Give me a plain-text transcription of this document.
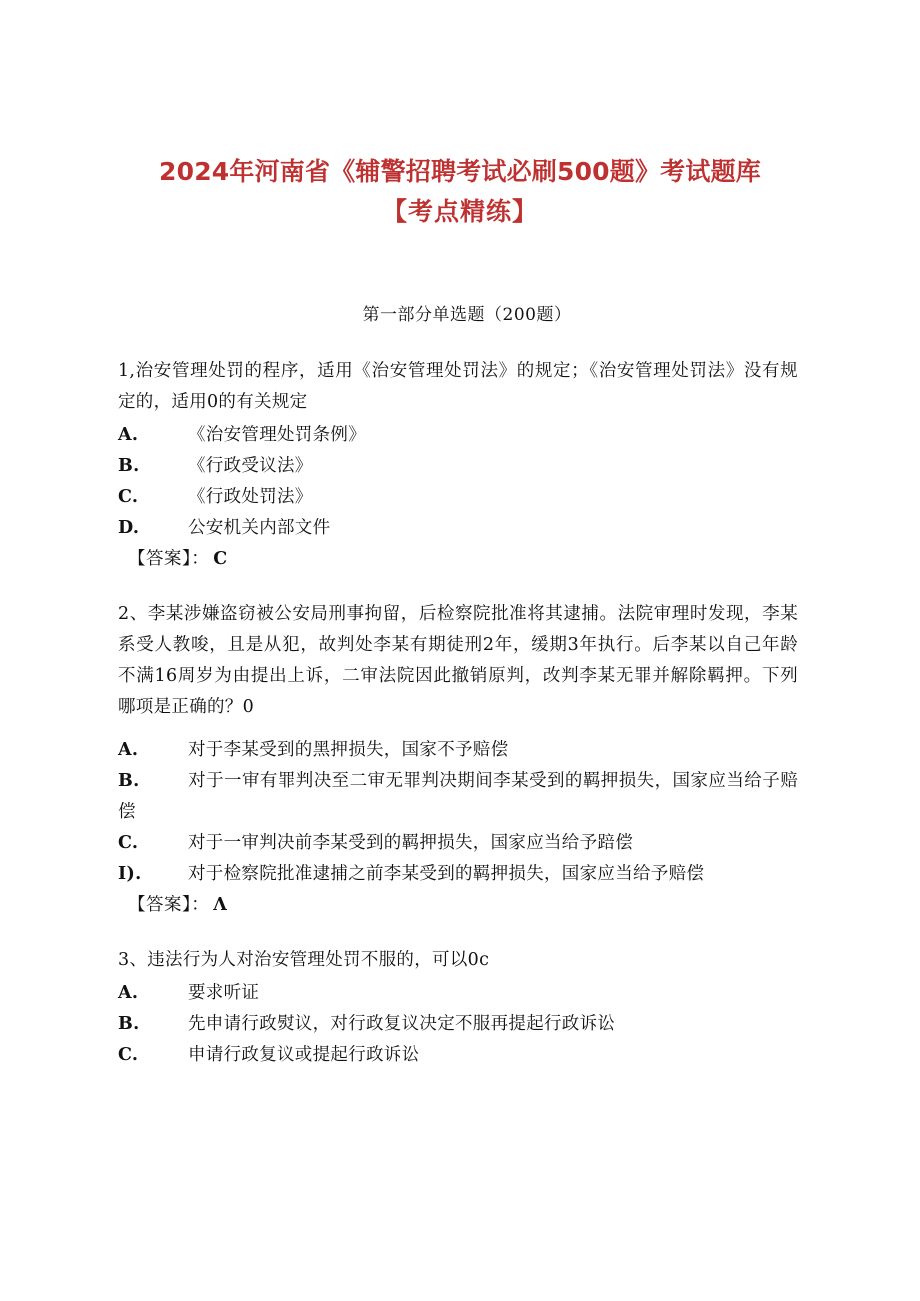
2024年河南省《辅警招聘考试必刷500题》考试题库
【考点精练】
第一部分单选题（200题）

1,治安管理处罚的程序，适用《治安管理处罚法》的规定；《治安管理处罚法》没有规定的，适用0的有关规定

A.	《治安管理处罚条例》

B.	《行政受议法》

C.	《行政处罚法》

D.	公安机关内部文件

【答案】： C

2、李某涉嫌盗窃被公安局刑事拘留，后检察院批准将其逮捕。法院审理时发现，李某系受人教唆，且是从犯，故判处李某有期徒刑2年，缓期3年执行。后李某以自己年龄不满16周岁为由提出上诉，二审法院因此撤销原判，改判李某无罪并解除羁押。下列哪项是正确的？0

A.	对于李某受到的黑押损失，国家不予赔偿

B.	对于一审有罪判决至二审无罪判决期间李某受到的羁押损失，国家应当给子赔偿

C.	对于一审判决前李某受到的羁押损失，国家应当给予踣偿

I).	对于检察院批准逮捕之前李某受到的羁押损失，国家应当给予赔偿

【答案】： Λ

3、违法行为人对治安管理处罚不服的，可以0c

A.	要求听证

B.	先申请行政熨议，对行政复议决定不服再提起行政诉讼

C.	申请行政复议或提起行政诉讼
